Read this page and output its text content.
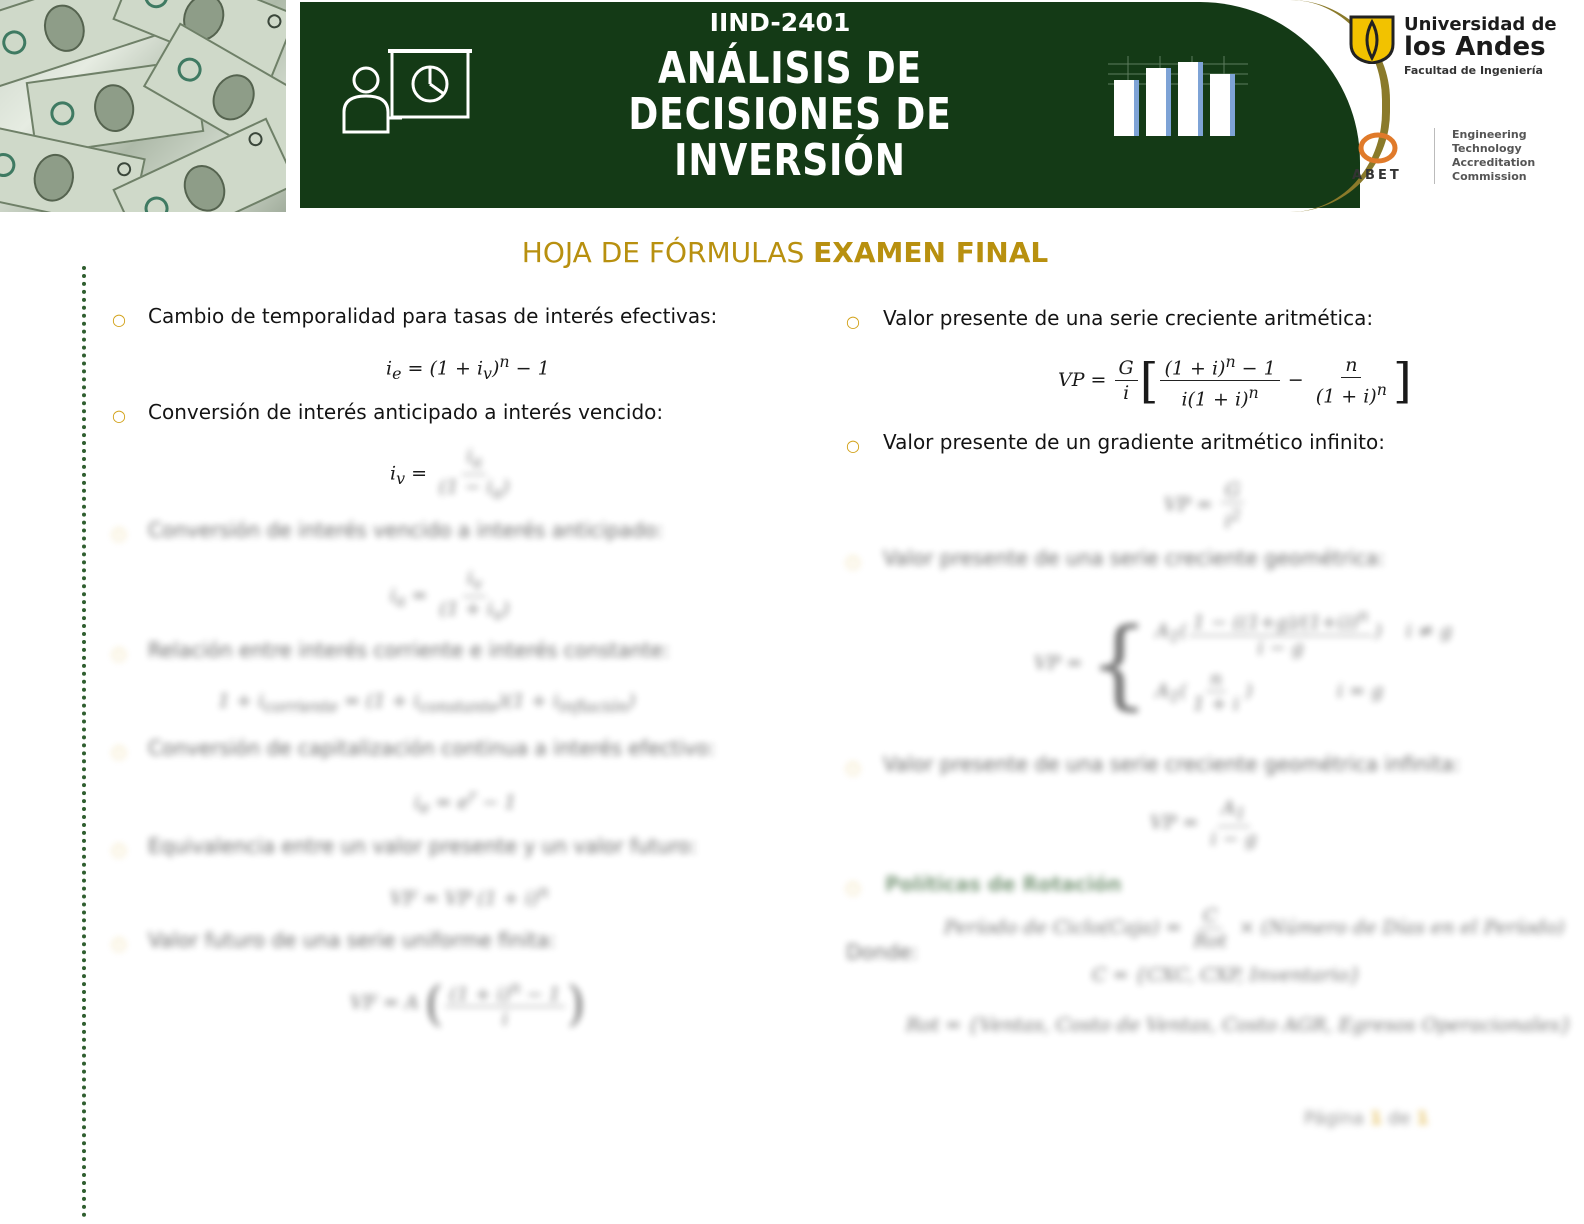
IIND-2401
ANÁLISIS DE
DECISIONES DE INVERSIÓN
Universidad de
los Andes
Facultad de Ingeniería
ABET
Engineering
Technology
Accreditation
Commission
HOJA DE FÓRMULAS EXAMEN FINAL
○ Cambio de temporalidad para tasas de interés efectivas:
$i_e = (1 + i_v)^n - 1$
○ Conversión de interés anticipado a interés vencido:
$i_v = \frac{i_a}{(1 - i_a)}$
○ Conversión de interés vencido a interés anticipado:
$i_a = \frac{i_v}{(1 + i_v)}$
○ Relación entre interés corriente e interés constante:
$1 + i_{corriente} = (1 + i_{constante})(1 + i_{inflación})$
○ Conversión de capitalización continua a interés efectivo:
$i_e = e^r - 1$
○ Equivalencia entre un valor presente y un valor futuro:
VF = VP $(1 + i)^n$
○ Valor futuro de una serie uniforme finita:
VF = A ( $\frac{(1 + i)^n - 1}{i}$ )
○ Valor presente de una serie creciente aritmética:
VP = $\frac{G}{i}$ [ $\frac{(1 + i)^n - 1}{i(1 + i)^n} - \frac{n}{(1 + i)^n}$ ]
○ Valor presente de un gradiente aritmético infinito:
VP = $\frac{G}{i^2}$
○ Valor presente de una serie creciente geométrica:
VP = { $A_1( \frac{1 - ((1+g)/(1+i))^n}{i - g}$ )    i ≠ g
$A_1( \frac{n}{1 + i}$ )              i = g
○ Valor presente de una serie creciente geométrica infinita:
VP = $\frac{A_1}{i - g}$
○ Políticas de Rotación
Período de Ciclo(Caja) = $\frac{C}{\text{Rot}}$ × (Número de Días en el Período)
Donde:
C = {CXC, CXP, Inventario}
Rot = {Ventas, Costo de Ventas, Costo AGR, Egresos Operacionales}
Página 1 de 1
